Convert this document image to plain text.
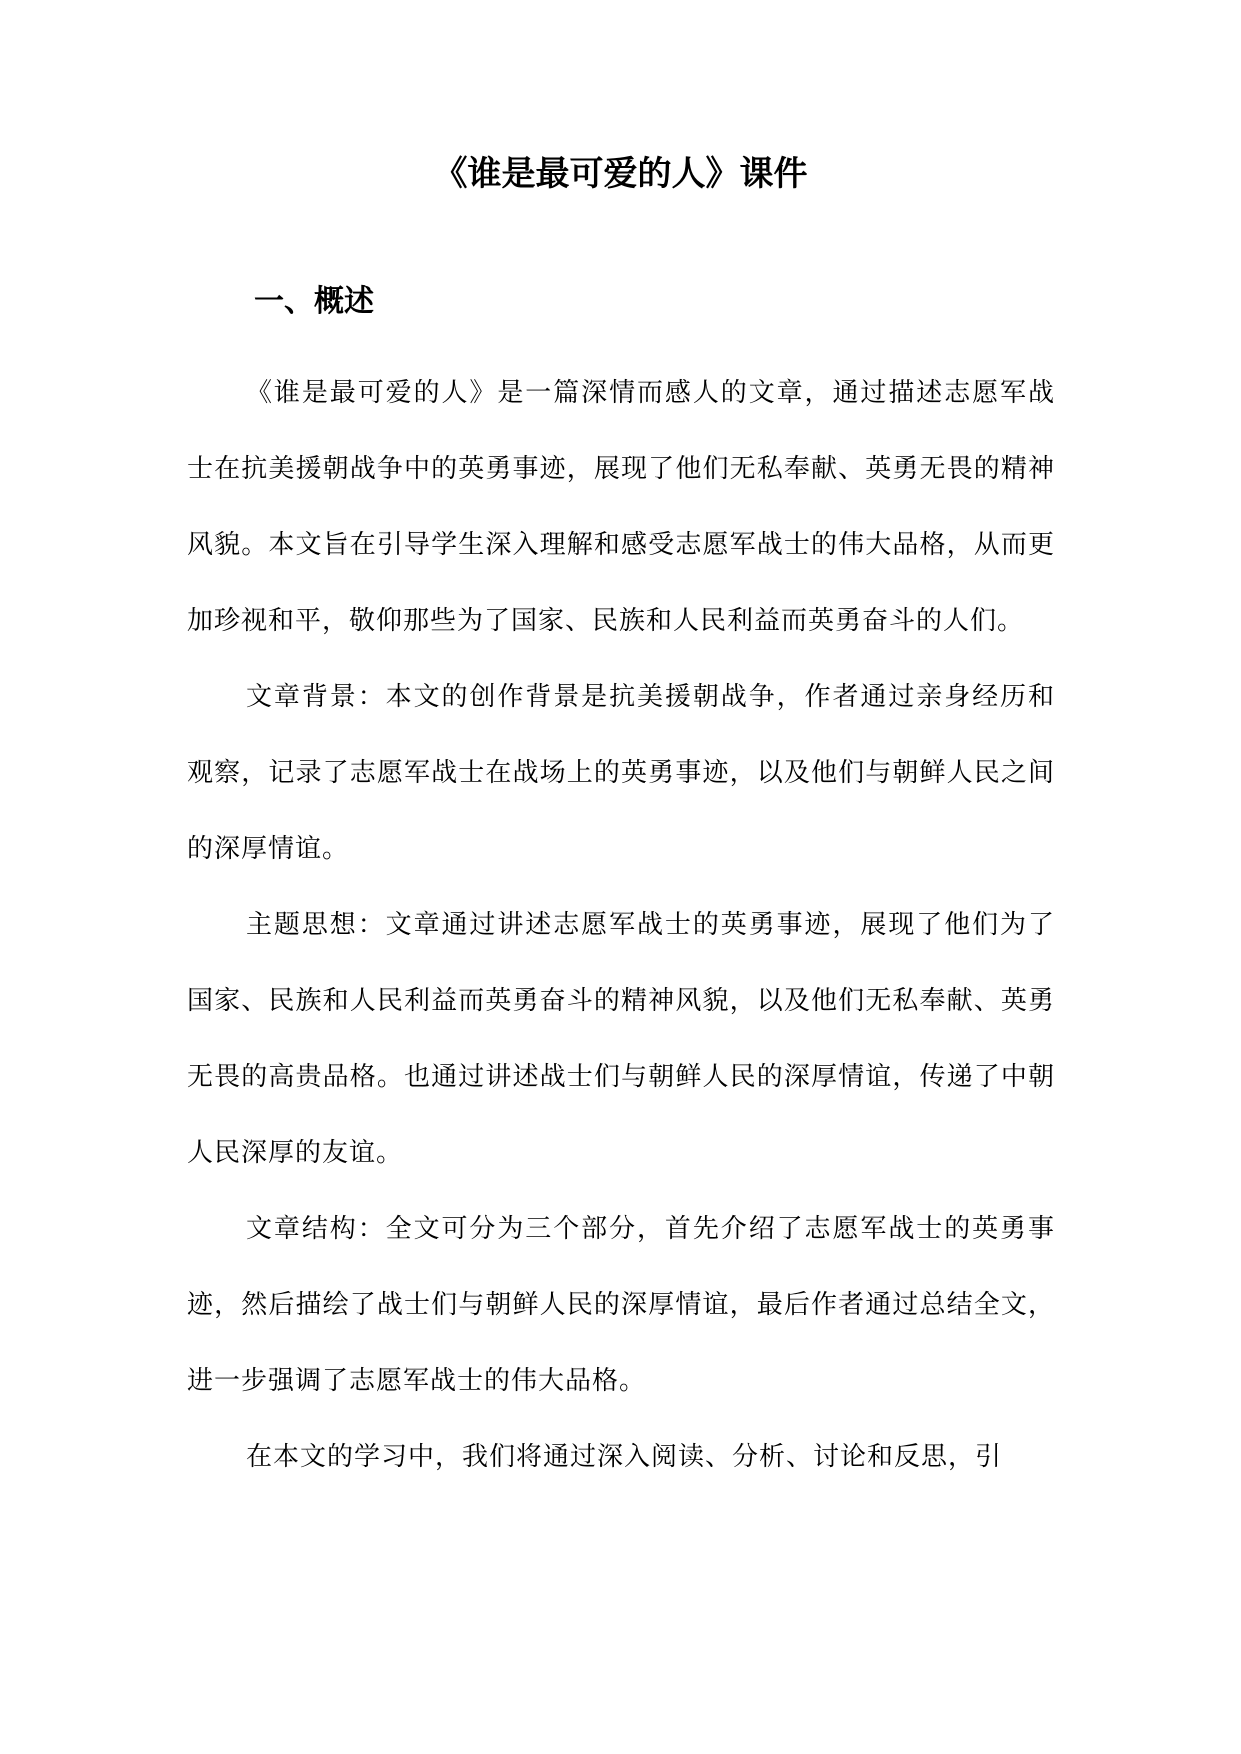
《谁是最可爱的人》课件
一、概述

《谁是最可爱的人》是一篇深情而感人的文章，通过描述志愿军战士在抗美援朝战争中的英勇事迹，展现了他们无私奉献、英勇无畏的精神风貌。本文旨在引导学生深入理解和感受志愿军战士的伟大品格，从而更加珍视和平，敬仰那些为了国家、民族和人民利益而英勇奋斗的人们。

文章背景：本文的创作背景是抗美援朝战争，作者通过亲身经历和观察，记录了志愿军战士在战场上的英勇事迹，以及他们与朝鲜人民之间的深厚情谊。

主题思想：文章通过讲述志愿军战士的英勇事迹，展现了他们为了国家、民族和人民利益而英勇奋斗的精神风貌，以及他们无私奉献、英勇无畏的高贵品格。也通过讲述战士们与朝鲜人民的深厚情谊，传递了中朝人民深厚的友谊。

文章结构：全文可分为三个部分，首先介绍了志愿军战士的英勇事迹，然后描绘了战士们与朝鲜人民的深厚情谊，最后作者通过总结全文，进一步强调了志愿军战士的伟大品格。

在本文的学习中，我们将通过深入阅读、分析、讨论和反思，引
